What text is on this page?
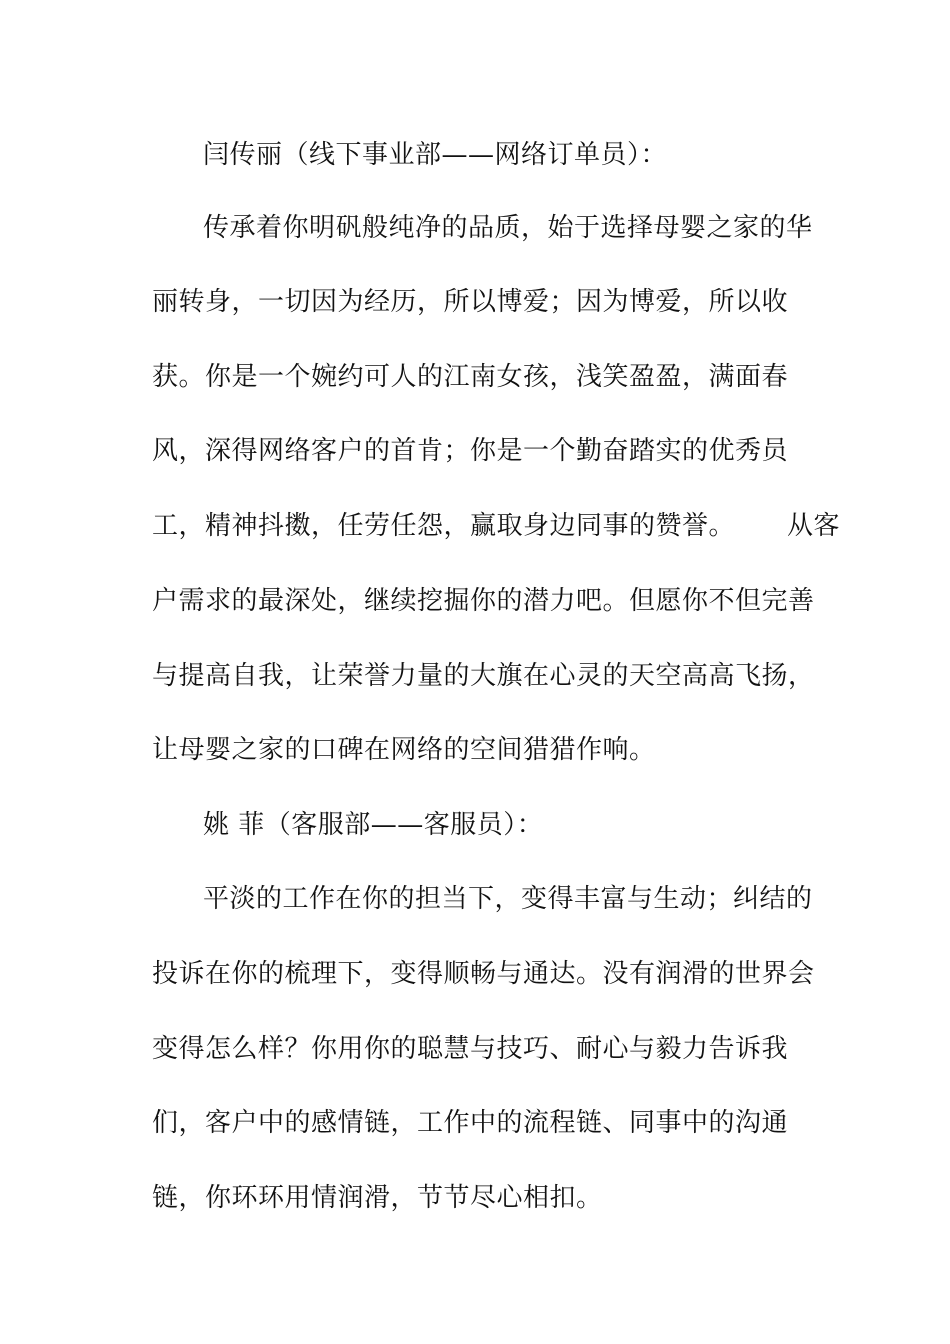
闫传丽（线下事业部——网络订单员）：
传承着你明矾般纯净的品质，始于选择母婴之家的华
丽转身，一切因为经历，所以博爱；因为博爱，所以收
获。你是一个婉约可人的江南女孩，浅笑盈盈，满面春
风，深得网络客户的首肯；你是一个勤奋踏实的优秀员
工，精神抖擞，任劳任怨，赢取身边同事的赞誉。 从客
户需求的最深处，继续挖掘你的潜力吧。但愿你不但完善
与提高自我，让荣誉力量的大旗在心灵的天空高高飞扬，
让母婴之家的口碑在网络的空间猎猎作响。
姚 菲（客服部——客服员）：
平淡的工作在你的担当下，变得丰富与生动；纠结的
投诉在你的梳理下，变得顺畅与通达。没有润滑的世界会
变得怎么样？你用你的聪慧与技巧、耐心与毅力告诉我
们，客户中的感情链，工作中的流程链、同事中的沟通
链，你环环用情润滑，节节尽心相扣。
